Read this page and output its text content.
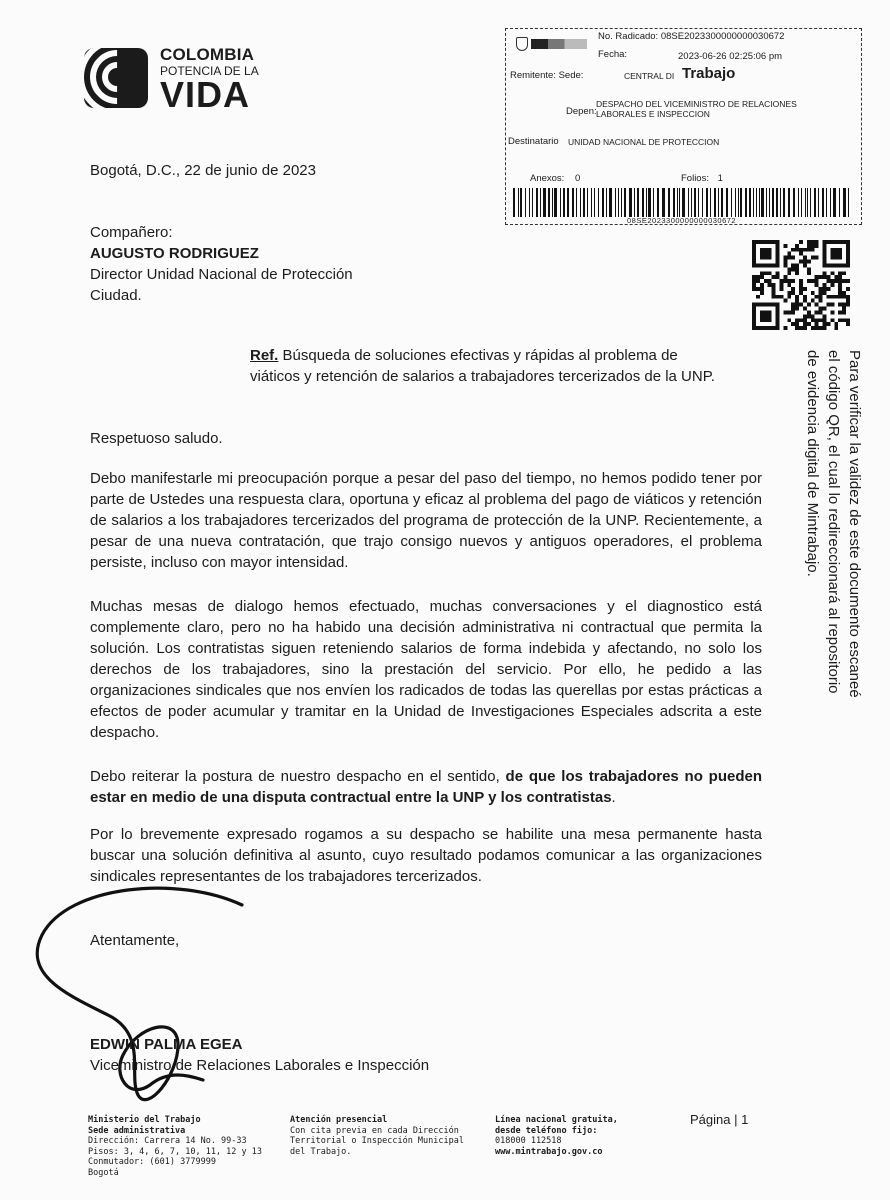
COLOMBIA
POTENCIA DE LA
VIDA
No. Radicado: 08SE2023300000000030672
Fecha:	2023-06-26 02:25:06 pm
Remitente: Sede:	CENTRAL DI Trabajo
Depen:
DESPACHO DEL VICEMINISTRO DE RELACIONES
LABORALES E INSPECCION
Destinatario UNIDAD NACIONAL DE PROTECCION
Anexos: 0	Folios: 1
08SE2023300000000030672

Para verificar la validez de este documento escaneé el código QR, el cual lo redireccionará al repositorio de evidencia digital de Mintrabajo.

Bogotá, D.C., 22 de junio de 2023
Compañero:
AUGUSTO RODRIGUEZ
Director Unidad Nacional de Protección
Ciudad.
Ref. Búsqueda de soluciones efectivas y rápidas al problema de viáticos y retención de salarios a trabajadores tercerizados de la UNP.
Respetuoso saludo.
Debo manifestarle mi preocupación porque a pesar del paso del tiempo, no hemos podido tener por parte de Ustedes una respuesta clara, oportuna y eficaz al problema del pago de viáticos y retención de salarios a los trabajadores tercerizados del programa de protección de la UNP. Recientemente, a pesar de una nueva contratación, que trajo consigo nuevos y antiguos operadores, el problema persiste, incluso con mayor intensidad.
Muchas mesas de dialogo hemos efectuado, muchas conversaciones y el diagnostico está complemente claro, pero no ha habido una decisión administrativa ni contractual que permita la solución. Los contratistas siguen reteniendo salarios de forma indebida y afectando, no solo los derechos de los trabajadores, sino la prestación del servicio. Por ello, he pedido a las organizaciones sindicales que nos envíen los radicados de todas las querellas por estas prácticas a efectos de poder acumular y tramitar en la Unidad de Investigaciones Especiales adscrita a este despacho.
Debo reiterar la postura de nuestro despacho en el sentido, de que los trabajadores no pueden estar en medio de una disputa contractual entre la UNP y los contratistas.
Por lo brevemente expresado rogamos a su despacho se habilite una mesa permanente hasta buscar una solución definitiva al asunto, cuyo resultado podamos comunicar a las organizaciones sindicales representantes de los trabajadores tercerizados.
Atentamente,
EDWIN PALMA EGEA
Viceministro de Relaciones Laborales e Inspección
Ministerio del Trabajo
Sede administrativa
Dirección: Carrera 14 No. 99-33
Pisos: 3, 4, 6, 7, 10, 11, 12 y 13
Conmutador: (601) 3779999
Bogotá
Atención presencial
Con cita previa en cada Dirección
Territorial o Inspección Municipal
del Trabajo.
Línea nacional gratuita,
desde teléfono fijo:
018000 112518
www.mintrabajo.gov.co
Página | 1
